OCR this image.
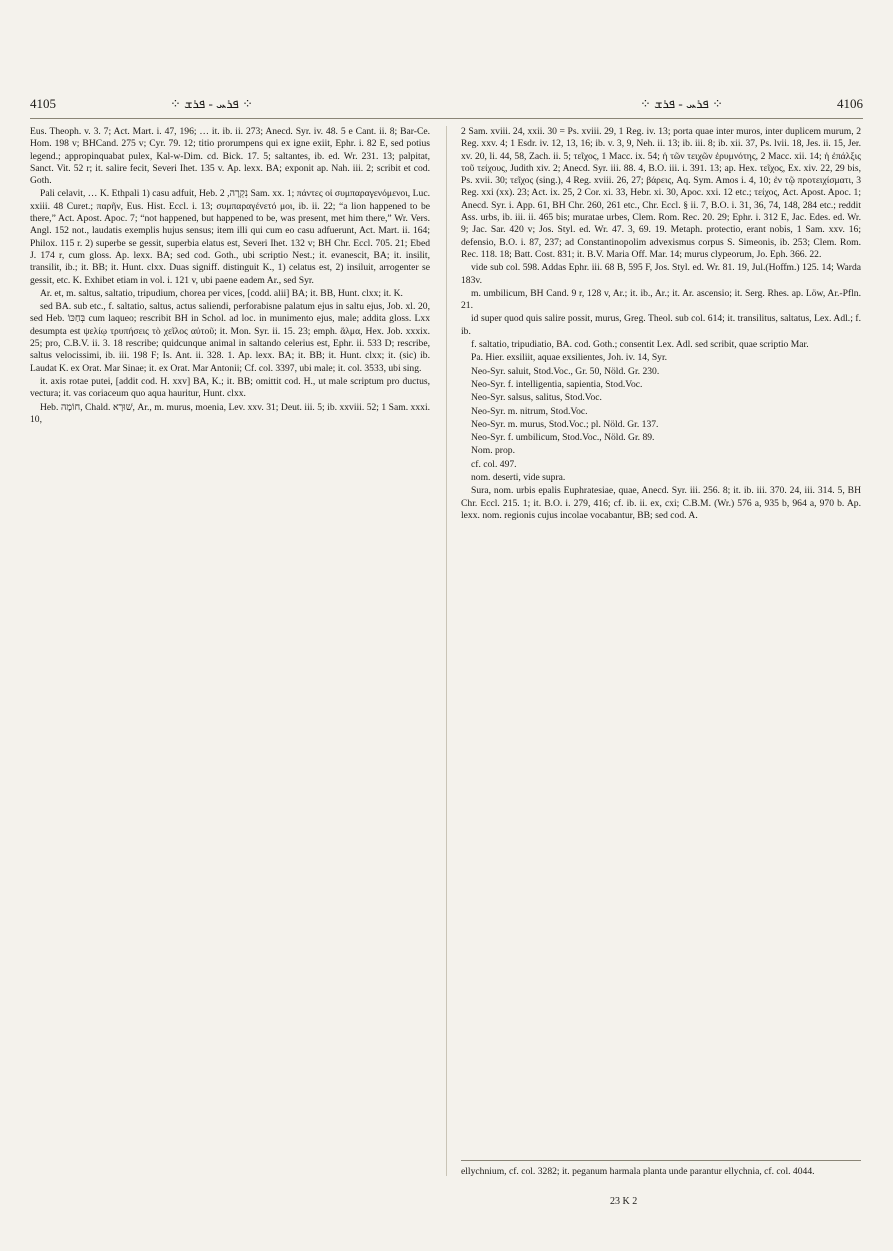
4105	⁘ ܦܪܚ - ܦܪܫ ⁘	⁘ ܦܪܚ - ܦܪܫ ⁘	4106

Eus. Theoph. v. 3. 7; Act. Mart. i. 47, 196; … it. ib. ii. 273; Anecd. Syr. iv. 48. 5 e Cant. ii. 8; Bar-Ce. Hom. 198 v; BHCand. 275 v; Cyr. 79. 12; titio prorumpens qui ex igne exiit, Ephr. i. 82 E, sed potius legend.; appropinquabat pulex, Kal-w-Dim. cd. Bick. 17. 5; saltantes, ib. ed. Wr. 231. 13; palpitat, Sanct. Vit. 52 r; it. salire fecit, Severi Ihet. 135 v. Ap. lexx. BA; exponit ap. Nah. iii. 2; scribit et cod. Goth.

Pali celavit, … K. Ethpali 1) casu adfuit, Heb. נִקְרָה, 2 Sam. xx. 1; πάντες οἱ συμπαραγενόμενοι, Luc. xxiii. 48 Curet.; παρῆν, Eus. Hist. Eccl. i. 13; συμπαραγένετό μοι, ib. ii. 22; “a lion happened to be there,” Act. Apost. Apoc. 7; “not happened, but happened to be, was present, met him there,” Wr. Vers. Angl. 152 not., laudatis exemplis hujus sensus; item illi qui cum eo casu adfuerunt, Act. Mart. ii. 164; Philox. 115 r. 2) superbe se gessit, superbia elatus est, Severi Ihet. 132 v; BH Chr. Eccl. 705. 21; Ebed J. 174 r, cum gloss. Ap. lexx. BA; sed cod. Goth., ubi scriptio Nest.; it. evanescit, BA; it. insilit, transilit, ib.; it. BB; it. Hunt. clxx. Duas signiff. distinguit K., 1) celatus est, 2) insiluit, arrogenter se gessit, etc. K. Exhibet etiam in vol. i. 121 v, ubi paene eadem Ar., sed Syr.

Ar. et, m. saltus, saltatio, tripudium, chorea per vices, [codd. alii] BA; it. BB, Hunt. clxx; it. K.

sed BA. sub etc., f. saltatio, saltus, actus saliendi, perforabisne palatum ejus in saltu ejus, Job. xl. 20, sed Heb. בְּחַכּוֹ cum laqueo; rescribit BH in Schol. ad loc. in munimento ejus, male; addita gloss. Lxx desumpta est ψελίῳ τρυπήσεις τὸ χεῖλος αὐτοῦ; it. Mon. Syr. ii. 15. 23; emph. ἅλμα, Hex. Job. xxxix. 25; pro, C.B.V. ii. 3. 18 rescribe; quidcunque animal in saltando celerius est, Ephr. ii. 533 D; rescribe, saltus velocissimi, ib. iii. 198 F; Is. Ant. ii. 328. 1. Ap. lexx. BA; it. BB; it. Hunt. clxx; it. (sic) ib. Laudat K. ex Orat. Mar Sinae; it. ex Orat. Mar Antonii; Cf. col. 3397, ubi male; it. col. 3533, ubi sing.

it. axis rotae putei, [addit cod. H. xxv] BA, K.; it. BB; omittit cod. H., ut male scriptum pro ductus, vectura; it. vas coriaceum quo aqua hauritur, Hunt. clxx.

Heb. חוֹמָה, Chald. שׁוּרָא, Ar., m. murus, moenia, Lev. xxv. 31; Deut. iii. 5; ib. xxviii. 52; 1 Sam. xxxi. 10,

2 Sam. xviii. 24, xxii. 30 = Ps. xviii. 29, 1 Reg. iv. 13; porta quae inter muros, inter duplicem murum, 2 Reg. xxv. 4; 1 Esdr. iv. 12, 13, 16; ib. v. 3, 9, Neh. ii. 13; ib. iii. 8; ib. xii. 37, Ps. lvii. 18, Jes. ii. 15, Jer. xv. 20, li. 44, 58, Zach. ii. 5; τεῖχος, 1 Macc. ix. 54; ἡ τῶν τειχῶν ἐρυμνότης, 2 Macc. xii. 14; ἡ ἐπάλξις τοῦ τείχους, Judith xiv. 2; Anecd. Syr. iii. 88. 4, B.O. iii. i. 391. 13; ap. Hex. τεῖχος, Ex. xiv. 22, 29 bis, Ps. xvii. 30; τεῖχος (sing.), 4 Reg. xviii. 26, 27; βάρεις, Aq. Sym. Amos i. 4, 10; ἐν τῷ προτειχίσματι, 3 Reg. xxi (xx). 23; Act. ix. 25, 2 Cor. xi. 33, Hebr. xi. 30, Apoc. xxi. 12 etc.; τείχος, Act. Apost. Apoc. 1; Anecd. Syr. i. App. 61, BH Chr. 260, 261 etc., Chr. Eccl. § ii. 7, B.O. i. 31, 36, 74, 148, 284 etc.; reddit Ass. urbs, ib. iii. ii. 465 bis; muratae urbes, Clem. Rom. Rec. 20. 29; Ephr. i. 312 E, Jac. Edes. ed. Wr. 9; Jac. Sar. 420 v; Jos. Styl. ed. Wr. 47. 3, 69. 19. Metaph. protectio, erant nobis, 1 Sam. xxv. 16; defensio, B.O. i. 87, 237; ad Constantinopolim advexismus corpus S. Simeonis, ib. 253; Clem. Rom. Rec. 118. 18; Batt. Cost. 831; it. B.V. Maria Off. Mar. 14; murus clypeorum, Jo. Eph. 366. 22.

vide sub col. 598. Addas Ephr. iii. 68 B, 595 F, Jos. Styl. ed. Wr. 81. 19, Jul.(Hoffm.) 125. 14; Warda 183v.

m. umbilicum, BH Cand. 9 r, 128 v, Ar.; it. ib., Ar.; it. Ar. ascensio; it. Serg. Rhes. ap. Löw, Ar.-Pfln. 21.

id super quod quis salire possit, murus, Greg. Theol. sub col. 614; it. transilitus, saltatus, Lex. Adl.; f. ib.

f. saltatio, tripudiatio, BA. cod. Goth.; consentit Lex. Adl. sed scribit, quae scriptio Mar.

Pa. Hier. exsiliit, aquae exsilientes, Joh. iv. 14, Syr.

Neo-Syr. saluit, Stod.Voc., Gr. 50, Nöld. Gr. 230.

Neo-Syr. f. intelligentia, sapientia, Stod.Voc.

Neo-Syr. salsus, salitus, Stod.Voc.

Neo-Syr. m. nitrum, Stod.Voc.

Neo-Syr. m. murus, Stod.Voc.; pl. Nöld. Gr. 137.

Neo-Syr. f. umbilicum, Stod.Voc., Nöld. Gr. 89.

Nom. prop.

cf. col. 497.

nom. deserti, vide supra.

Sura, nom. urbis epalis Euphratesiae, quae, Anecd. Syr. iii. 256. 8; it. ib. iii. 370. 24, iii. 314. 5, BH Chr. Eccl. 215. 1; it. B.O. i. 279, 416; cf. ib. ii. ex, cxi; C.B.M. (Wr.) 576 a, 935 b, 964 a, 970 b. Ap. lexx. nom. regionis cujus incolae vocabantur, BB; sed cod. A.

ellychnium, cf. col. 3282; it. peganum harmala planta unde parantur ellychnia, cf. col. 4044.
23 K 2
